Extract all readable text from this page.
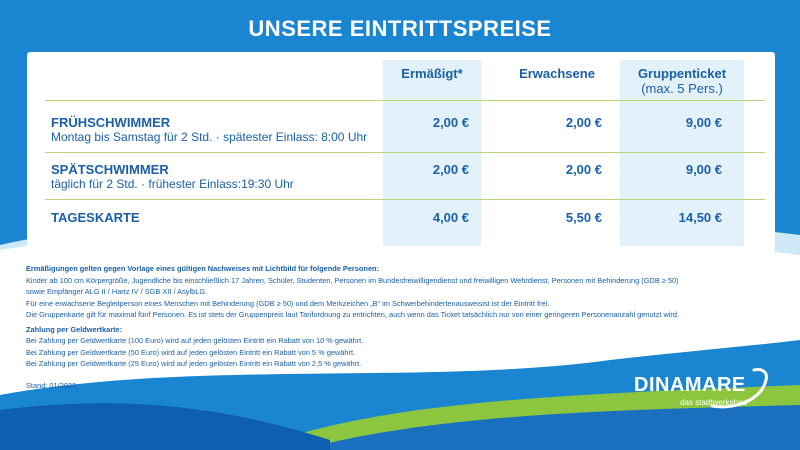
UNSERE EINTRITTSPREISE
Ermäßigt*	Erwachsene	Gruppenticket
(max. 5 Pers.)
FRÜHSCHWIMMER
Montag bis Samstag für 2 Std. · spätester Einlass: 8:00 Uhr
2,00 €	2,00 €	9,00 €
SPÄTSCHWIMMER
täglich für 2 Std. · frühester Einlass:19:30 Uhr
2,00 €	2,00 €	9,00 €
TAGESKARTE	4,00 €	5,50 €	14,50 €

Ermäßigungen gelten gegen Vorlage eines gültigen Nachweises mit Lichtbild für folgende Personen:

Kinder ab 100 cm Körpergröße, Jugendliche bis einschließlich 17 Jahren, Schüler, Studenten, Personen im Bundesfreiwilligendienst und freiwilligen Wehrdienst, Personen mit Behinderung (GDB ≥ 50)

sowie Empfänger ALG II / Hartz IV / SGB XII / AsylbLG.

Für eine erwachsene Begleitperson eines Menschen mit Behinderung (GDB ≥ 50) und dem Merkzeichen „B“ im Schwerbehindertenausweisist ist der Eintritt frei.

Die Gruppenkarte gilt für maximal fünf Personen. Es ist stets der Gruppenpreis laut Tarifordnung zu entrichten, auch wenn das Ticket tatsächlich nur von einer geringeren Personenanzahl genutzt wird.

Zahlung per Geldwertkarte:

Bei Zahlung per Geldwertkarte (100 Euro) wird auf jeden gelösten Eintritt ein Rabatt von 10 % gewährt.

Bei Zahlung per Geldwertkarte (50 Euro) wird auf jeden gelösten Eintritt ein Rabatt von 5 % gewährt.

Bei Zahlung per Geldwertkarte (25 Euro) wird auf jeden gelösten Eintritt ein Rabatt von 2,5 % gewährt.

Stand: 01/2023	DINAMARE
das stadtwerkebad
